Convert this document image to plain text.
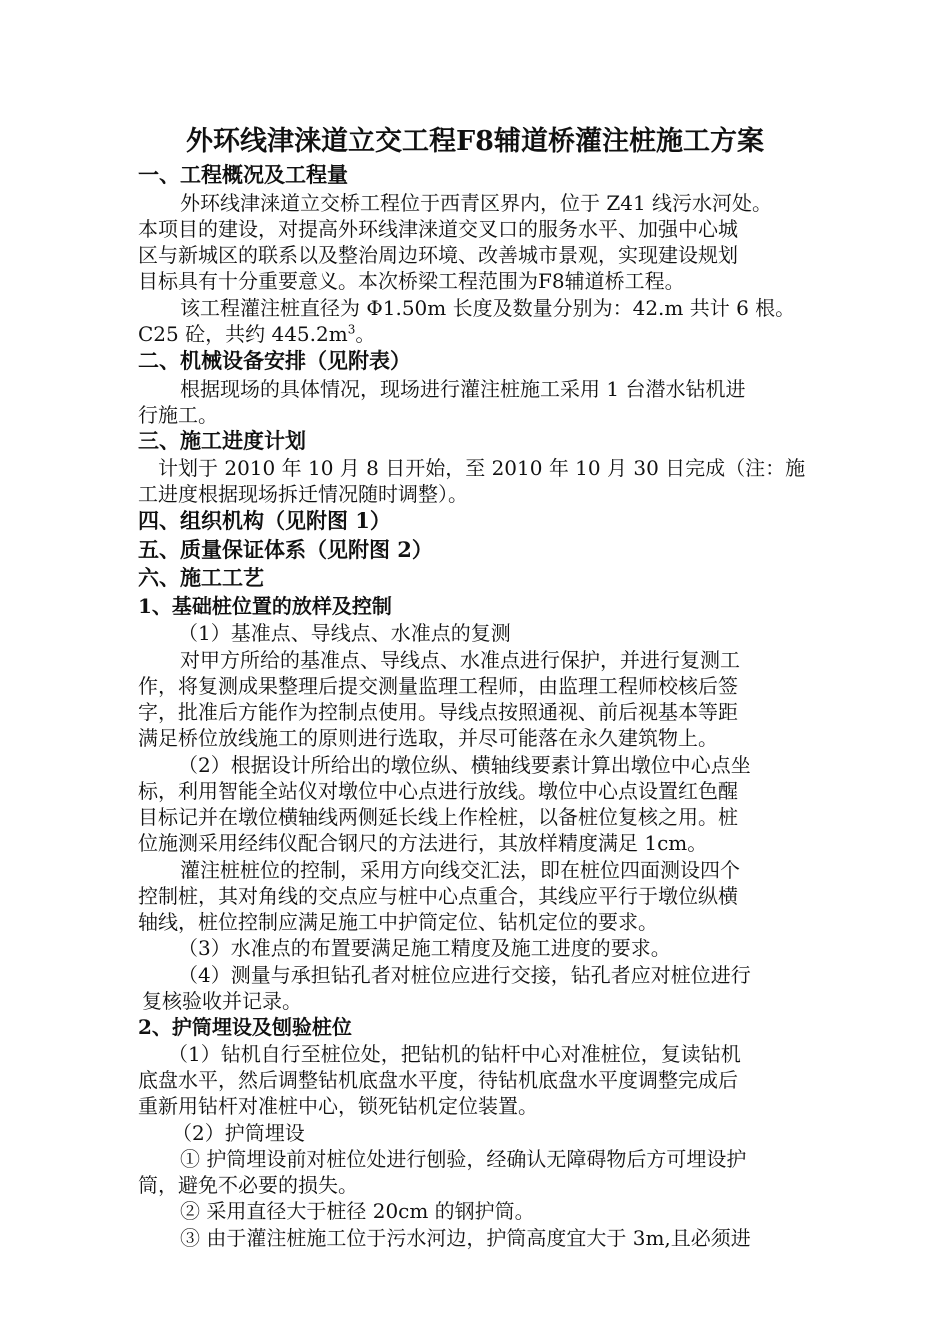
外环线津涞道立交工程F8辅道桥灌注桩施工方案
一、工程概况及工程量
外环线津涞道立交桥工程位于西青区界内，位于 Z41 线污水河处。
本项目的建设，对提高外环线津涞道交叉口的服务水平、加强中心城
区与新城区的联系以及整治周边环境、改善城市景观，实现建设规划
目标具有十分重要意义。本次桥梁工程范围为F8辅道桥工程。
该工程灌注桩直径为 Φ1.50m 长度及数量分别为：42.m 共计 6 根。
C25 砼，共约 $445.2m^3$。
二、机械设备安排（见附表）
根据现场的具体情况，现场进行灌注桩施工采用 1 台潜水钻机进
行施工。
三、施工进度计划
计划于 2010 年 10 月 8 日开始，至 2010 年 10 月 30 日完成（注：施
工进度根据现场拆迁情况随时调整）。
四、组织机构（见附图 1）
五、质量保证体系（见附图 2）
六、施工工艺
1、基础桩位置的放样及控制
（1）基准点、导线点、水准点的复测
对甲方所给的基准点、导线点、水准点进行保护，并进行复测工
作，将复测成果整理后提交测量监理工程师，由监理工程师校核后签
字，批准后方能作为控制点使用。导线点按照通视、前后视基本等距
满足桥位放线施工的原则进行选取，并尽可能落在永久建筑物上。
（2）根据设计所给出的墩位纵、横轴线要素计算出墩位中心点坐
标，利用智能全站仪对墩位中心点进行放线。墩位中心点设置红色醒
目标记并在墩位横轴线两侧延长线上作栓桩，以备桩位复核之用。桩
位施测采用经纬仪配合钢尺的方法进行，其放样精度满足 1cm。
灌注桩桩位的控制，采用方向线交汇法，即在桩位四面测设四个
控制桩，其对角线的交点应与桩中心点重合，其线应平行于墩位纵横
轴线，桩位控制应满足施工中护筒定位、钻机定位的要求。
（3）水准点的布置要满足施工精度及施工进度的要求。
（4）测量与承担钻孔者对桩位应进行交接，钻孔者应对桩位进行
复核验收并记录。
2、护筒埋设及刨验桩位
（1）钻机自行至桩位处，把钻机的钻杆中心对准桩位，复读钻机
底盘水平，然后调整钻机底盘水平度，待钻机底盘水平度调整完成后
重新用钻杆对准桩中心，锁死钻机定位装置。
（2）护筒埋设
① 护筒埋设前对桩位处进行刨验，经确认无障碍物后方可埋设护
筒，避免不必要的损失。
② 采用直径大于桩径 20cm 的钢护筒。
③ 由于灌注桩施工位于污水河边，护筒高度宜大于 3m,且必须进
